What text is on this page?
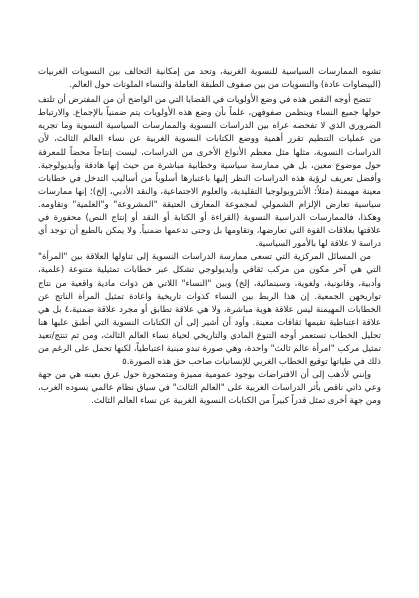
تشوه الممارسات السياسية للنسوية الغربية، وتحد من إمكانية التحالف بين النسويات الغربيات (البيضاوات عادة) والنسويات من بين صفوف الطبقة العاملة والنساء الملونات حول العالم.

تتضح أوجه النقص هذه في وضع الأولويات في القضايا التي من الواضح أن من المفترض أن تلتف حولها جميع النساء وينظمن صفوفهن، علماً بأن وضع هذه الأولويات يتم ضمنياً بالإجماع. والارتباط الضروري الذي لا تفحصه عراه بين الدراسات النسوية والممارسات السياسية النسوية وما تجريه من عمليات التنظيم تقرر أهمية ووضع الكتابات النسوية الغربية عن نساء العالم الثالث، لأن الدراسات النسوية، مثلها مثل معظم الأنواع الأخرى من الدراسات، ليست إنتاجاً محضاً للمعرفة حول موضوع معين، بل هي ممارسة سياسية وخطابية مباشرة من حيث إنها هادفة وأيديولوجية. وأفضل تعريف لرؤية هذه الدراسات النظر إليها باعتبارها أسلوباً من أساليب التدخل في خطابات معينة مهيمنة (مثلاً: الأنثروبولوجيا التقليدية، والعلوم الاجتماعية، والنقد الأدبي، إلخ)؛ إنها ممارسات سياسية تعارض الإلزام الشمولي لمجموعة المعارف العتيقة "المشروعة" و"العلمية" وتقاومه. وهكذا، فالممارسات الدراسية النسوية (القراءة أو الكتابة أو النقد أو إنتاج النص) محفورة في علاقتها بعلاقات القوة التي تعارضها، وتقاومها بل وحتى تدعمها ضمنياً. ولا يمكن بالطبع أن توجد أي دراسة لا علاقة لها بالأمور السياسية.

من المسائل المركزية التي تسعى ممارسة الدراسات النسوية إلى تناولها العلاقة بين "المرأة" التي هي آخر مكون من مركب ثقافي وأيديولوجي تشكل عبر خطابات تمثيلية متنوعة (علمية، وأدبية، وقانونية، ولغوية، وسينمائية، إلخ) وبين "النساء" اللاتي هن ذوات مادية واقعية من نتاج تواريخهن الجمعية. إن هذا الربط بين النساء كذوات تاريخية واعادة تمثيل المرأة الناتج عن الخطابات المهيمنة ليس علاقة هوية مباشرة، ولا هي علاقة تطابق أو مجرد علاقة ضمنية،٤ بل هي علاقة اعتباطية تقيمها ثقافات معينة. وأود أن أشير إلى أن الكتابات النسوية التي أطبق عليها هنا تحليل الخطاب تستعمر أوجه التنوع المادي والتاريخي لحياة نساء العالم الثالث، ومن ثم تنتج/تعيد تمثيل مركب "امرأة عالم ثالث" واحدة، وهي صورة تبدو مبنية اعتباطياً، لكنها تحمل على الرغم من ذلك في طياتها توقيع الخطاب الغربي للإنسانيات صاحب حق هذه الصورة.٥

وإنني لأذهب إلى أن الافتراضات بوجود عمومية مميزة ومتمحورة حول عرق بعينه هي من جهة وعي ذاتي ناقص بأثر الدراسات الغربية على "العالم الثالث" في سياق نظام عالمي يسوده الغرب، ومن جهة أخرى تمثل قدراً كبيراً من الكتابات النسوية الغربية عن نساء العالم الثالث.
